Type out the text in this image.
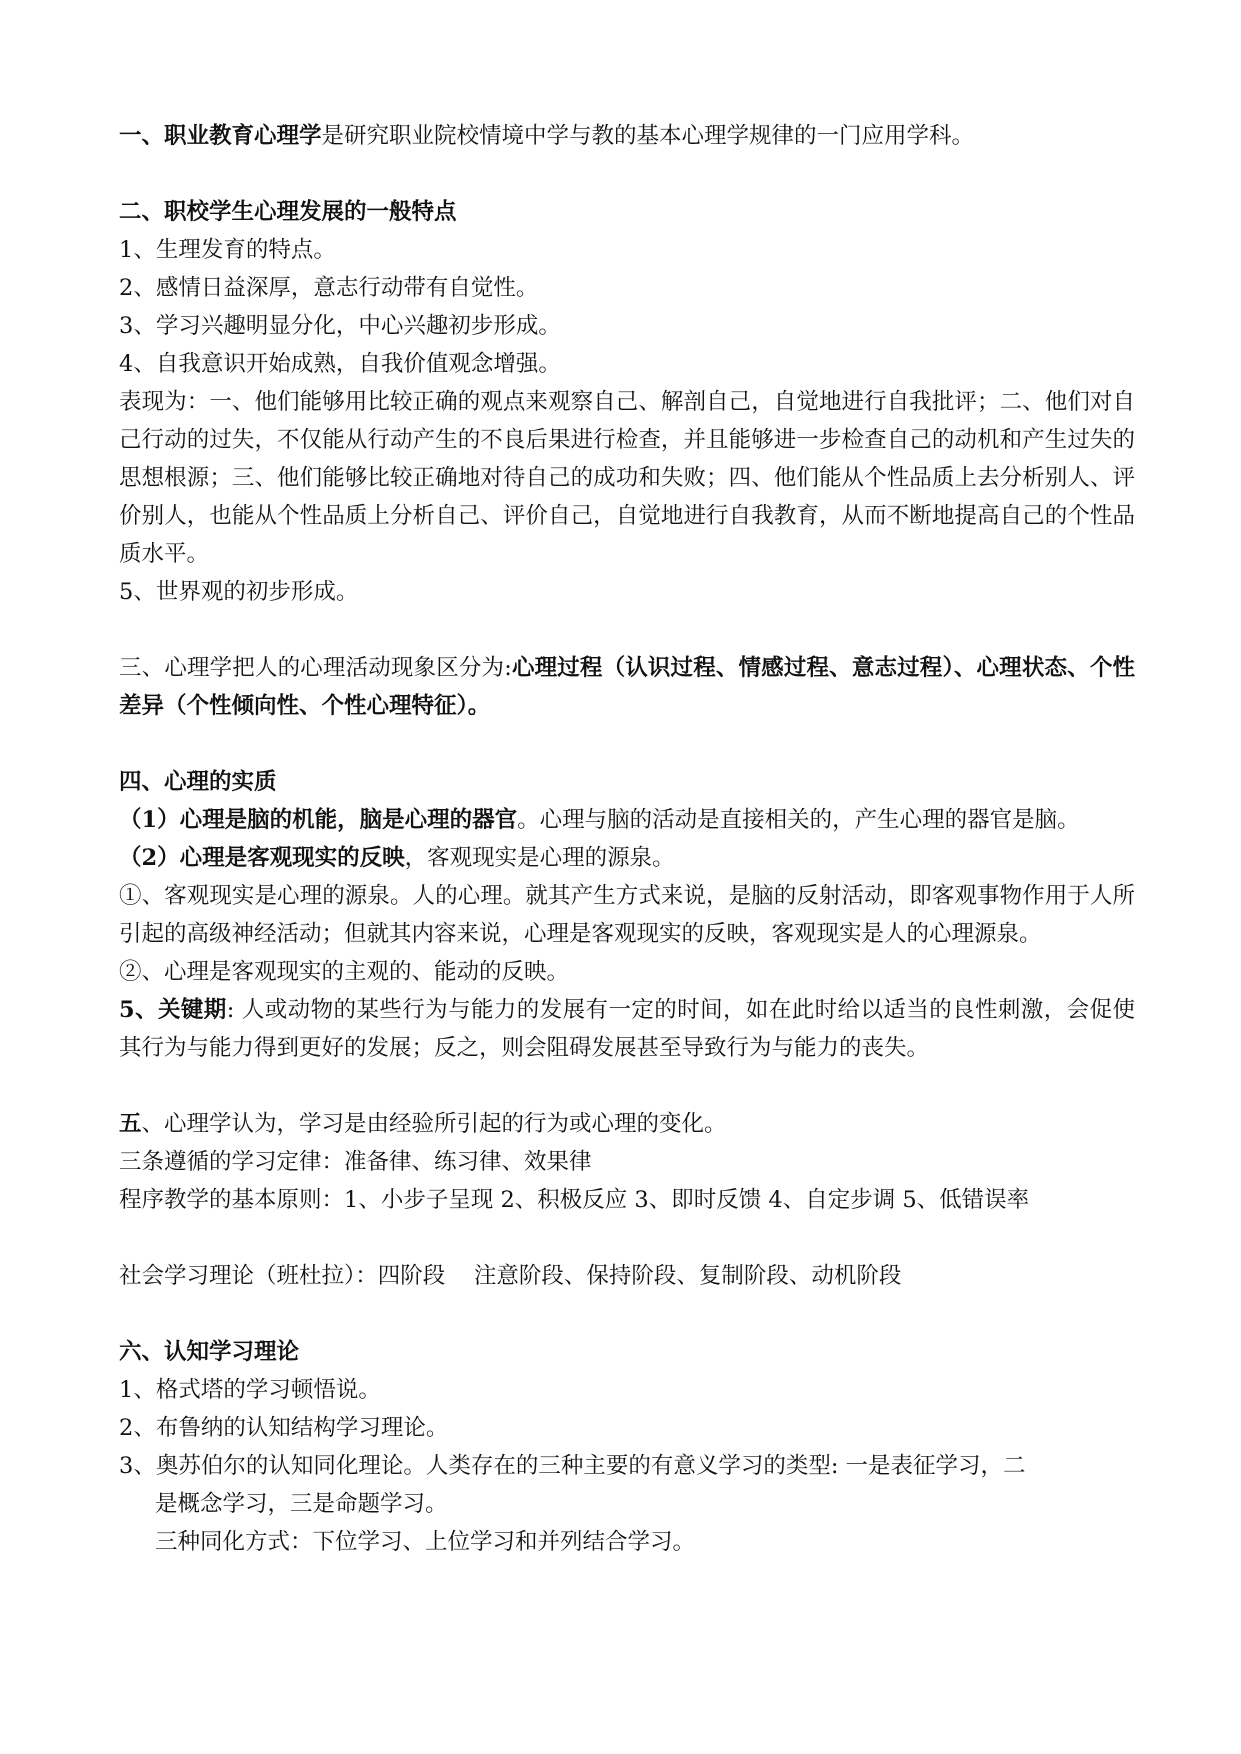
一、职业教育心理学是研究职业院校情境中学与教的基本心理学规律的一门应用学科。
二、职校学生心理发展的一般特点
1、生理发育的特点。
2、感情日益深厚，意志行动带有自觉性。
3、学习兴趣明显分化，中心兴趣初步形成。
4、自我意识开始成熟，自我价值观念增强。
表现为：一、他们能够用比较正确的观点来观察自己、解剖自己，自觉地进行自我批评；二、他们对自己行动的过失，不仅能从行动产生的不良后果进行检查，并且能够进一步检查自己的动机和产生过失的思想根源；三、他们能够比较正确地对待自己的成功和失败；四、他们能从个性品质上去分析别人、评价别人，也能从个性品质上分析自己、评价自己，自觉地进行自我教育，从而不断地提高自己的个性品质水平。
5、世界观的初步形成。
三、心理学把人的心理活动现象区分为:心理过程（认识过程、情感过程、意志过程）、心理状态、个性差异（个性倾向性、个性心理特征）。
四、心理的实质
（1）心理是脑的机能，脑是心理的器官。心理与脑的活动是直接相关的，产生心理的器官是脑。
（2）心理是客观现实的反映，客观现实是心理的源泉。
①、客观现实是心理的源泉。人的心理。就其产生方式来说，是脑的反射活动，即客观事物作用于人所引起的高级神经活动；但就其内容来说，心理是客观现实的反映，客观现实是人的心理源泉。
②、心理是客观现实的主观的、能动的反映。
5、关键期: 人或动物的某些行为与能力的发展有一定的时间，如在此时给以适当的良性刺激，会促使其行为与能力得到更好的发展；反之，则会阻碍发展甚至导致行为与能力的丧失。
五、心理学认为，学习是由经验所引起的行为或心理的变化。
三条遵循的学习定律：准备律、练习律、效果律
程序教学的基本原则：1、小步子呈现 2、积极反应 3、即时反馈 4、自定步调 5、低错误率
社会学习理论（班杜拉）：四阶段    注意阶段、保持阶段、复制阶段、动机阶段
六、认知学习理论
1、格式塔的学习顿悟说。
2、布鲁纳的认知结构学习理论。
3、奥苏伯尔的认知同化理论。人类存在的三种主要的有意义学习的类型: 一是表征学习，二
是概念学习，三是命题学习。
三种同化方式：下位学习、上位学习和并列结合学习。
